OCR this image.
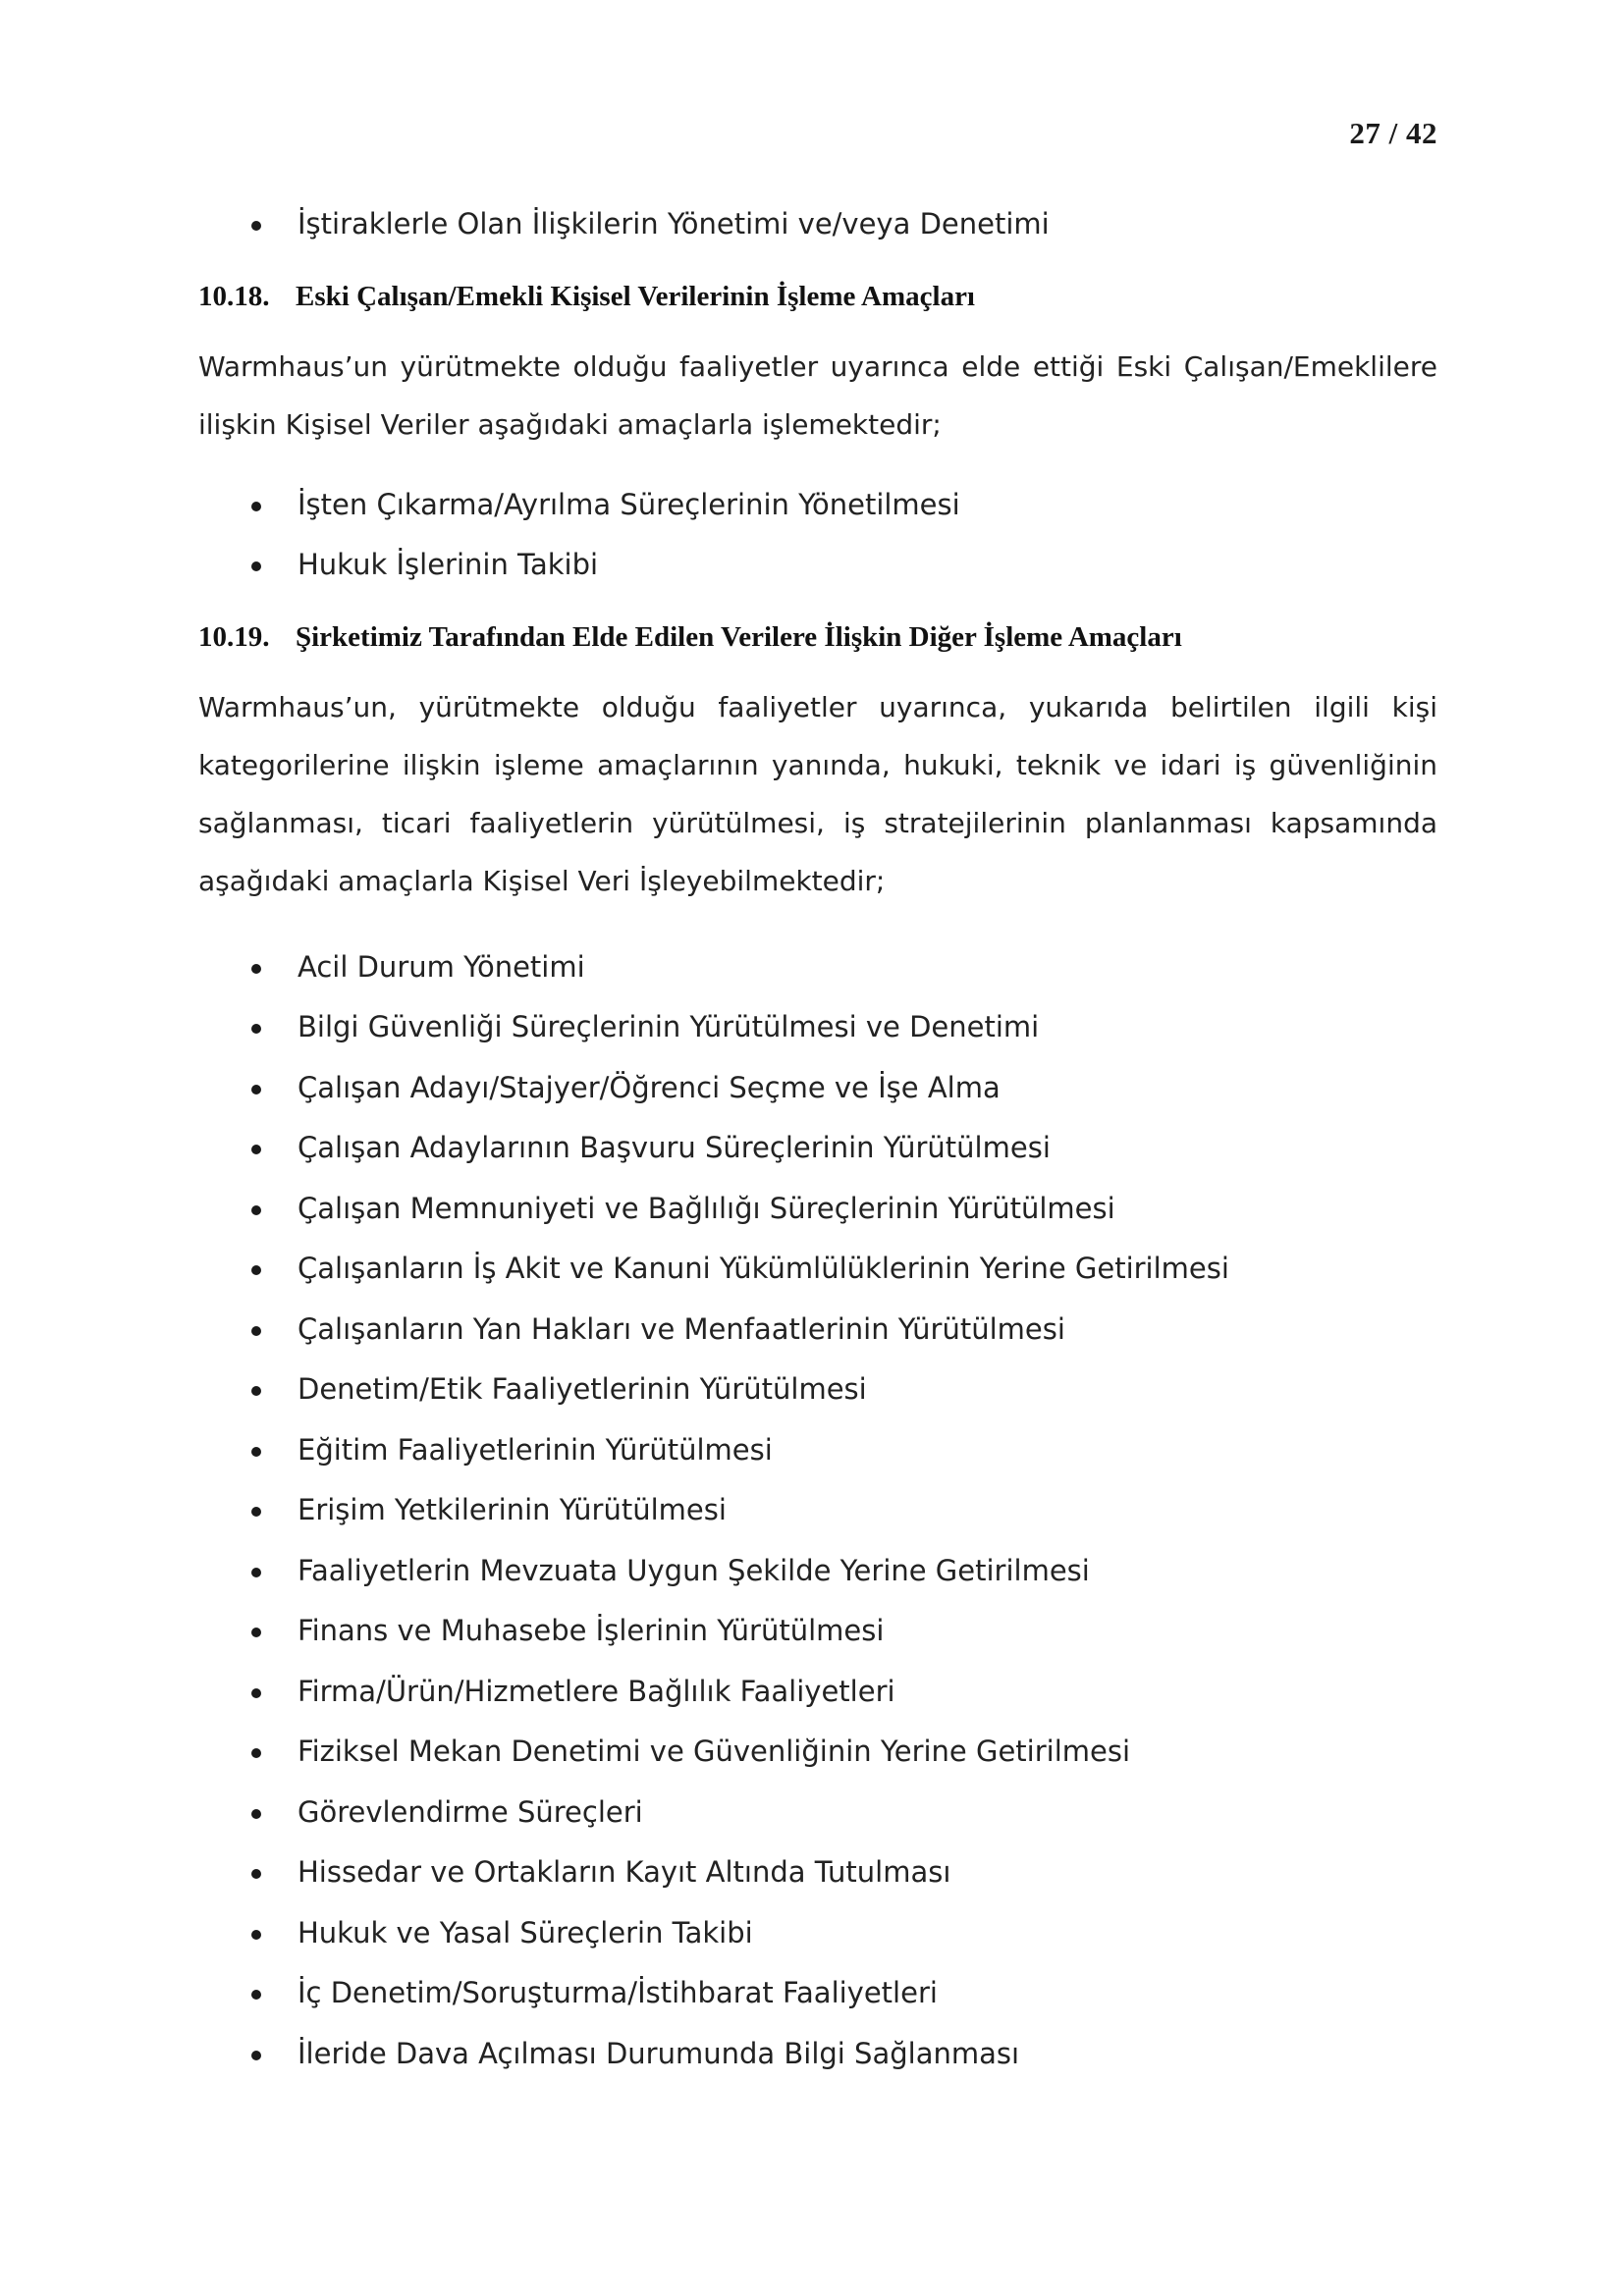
27 / 42
İştiraklerle Olan İlişkilerin Yönetimi ve/veya Denetimi
10.18. Eski Çalışan/Emekli Kişisel Verilerinin İşleme Amaçları

Warmhaus’un yürütmekte olduğu faaliyetler uyarınca elde ettiği Eski Çalışan/Emeklilere ilişkin Kişisel Veriler aşağıdaki amaçlarla işlemektedir;

İşten Çıkarma/Ayrılma Süreçlerinin Yönetilmesi
Hukuk İşlerinin Takibi
10.19. Şirketimiz Tarafından Elde Edilen Verilere İlişkin Diğer İşleme Amaçları

Warmhaus’un, yürütmekte olduğu faaliyetler uyarınca, yukarıda belirtilen ilgili kişi kategorilerine ilişkin işleme amaçlarının yanında, hukuki, teknik ve idari iş güvenliğinin sağlanması, ticari faaliyetlerin yürütülmesi, iş stratejilerinin planlanması kapsamında aşağıdaki amaçlarla Kişisel Veri İşleyebilmektedir;

Acil Durum Yönetimi
Bilgi Güvenliği Süreçlerinin Yürütülmesi ve Denetimi
Çalışan Adayı/Stajyer/Öğrenci Seçme ve İşe Alma
Çalışan Adaylarının Başvuru Süreçlerinin Yürütülmesi
Çalışan Memnuniyeti ve Bağlılığı Süreçlerinin Yürütülmesi
Çalışanların İş Akit ve Kanuni Yükümlülüklerinin Yerine Getirilmesi
Çalışanların Yan Hakları ve Menfaatlerinin Yürütülmesi
Denetim/Etik Faaliyetlerinin Yürütülmesi
Eğitim Faaliyetlerinin Yürütülmesi
Erişim Yetkilerinin Yürütülmesi
Faaliyetlerin Mevzuata Uygun Şekilde Yerine Getirilmesi
Finans ve Muhasebe İşlerinin Yürütülmesi
Firma/Ürün/Hizmetlere Bağlılık Faaliyetleri
Fiziksel Mekan Denetimi ve Güvenliğinin Yerine Getirilmesi
Görevlendirme Süreçleri
Hissedar ve Ortakların Kayıt Altında Tutulması
Hukuk ve Yasal Süreçlerin Takibi
İç Denetim/Soruşturma/İstihbarat Faaliyetleri
İleride Dava Açılması Durumunda Bilgi Sağlanması
